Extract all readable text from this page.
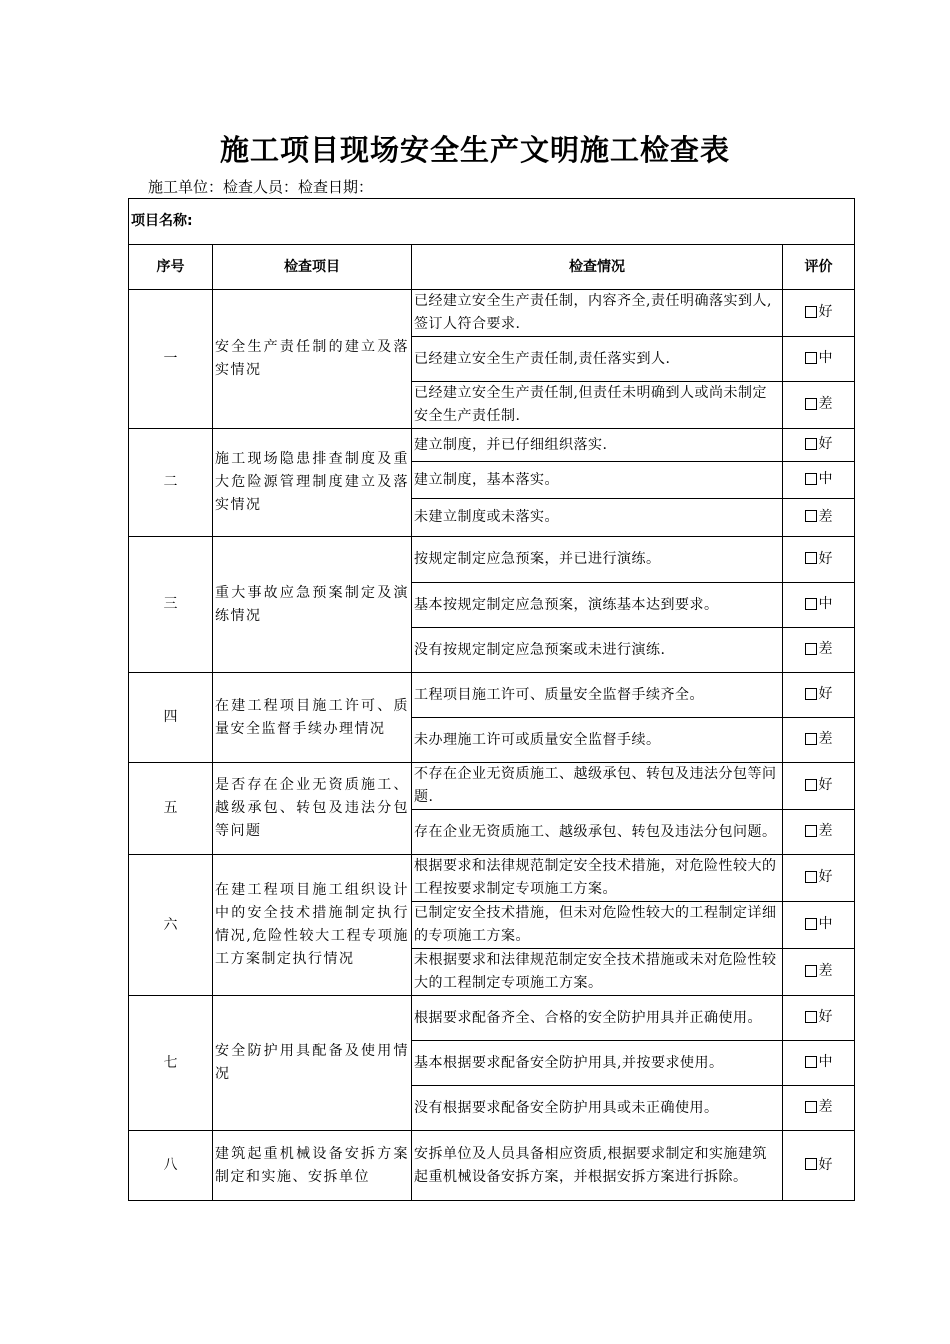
施工项目现场安全生产文明施工检查表
施工单位：检查人员：检查日期：
项目名称:			
序号	检查项目	检查情况	评价
一	安全生产责任制的建立及落实情况	已经建立安全生产责任制，内容齐全,责任明确落实到人,签订人符合要求.	好
		已经建立安全生产责任制,责任落实到人.	中
		已经建立安全生产责任制,但责任未明确到人或尚未制定安全生产责任制.	差
二	施工现场隐患排查制度及重大危险源管理制度建立及落实情况	建立制度，并已仔细组织落实.	好
		建立制度，基本落实。	中
		未建立制度或未落实。	差
三	重大事故应急预案制定及演练情况	按规定制定应急预案，并已进行演练。	好
		基本按规定制定应急预案，演练基本达到要求。	中
		没有按规定制定应急预案或未进行演练.	差
四	在建工程项目施工许可、质量安全监督手续办理情况	工程项目施工许可、质量安全监督手续齐全。	好
		未办理施工许可或质量安全监督手续。	差
五	是否存在企业无资质施工、越级承包、转包及违法分包等问题	不存在企业无资质施工、越级承包、转包及违法分包等问题.	好
		存在企业无资质施工、越级承包、转包及违法分包问题。	差
六	在建工程项目施工组织设计中的安全技术措施制定执行情况,危险性较大工程专项施工方案制定执行情况	根据要求和法律规范制定安全技术措施，对危险性较大的工程按要求制定专项施工方案。	好
		已制定安全技术措施，但未对危险性较大的工程制定详细的专项施工方案。	中
		未根据要求和法律规范制定安全技术措施或未对危险性较大的工程制定专项施工方案。	差
七	安全防护用具配备及使用情况	根据要求配备齐全、合格的安全防护用具并正确使用。	好
		基本根据要求配备安全防护用具,并按要求使用。	中
		没有根据要求配备安全防护用具或未正确使用。	差
八	建筑起重机械设备安拆方案制定和实施、安拆单位	安拆单位及人员具备相应资质,根据要求制定和实施建筑起重机械设备安拆方案，并根据安拆方案进行拆除。	好
